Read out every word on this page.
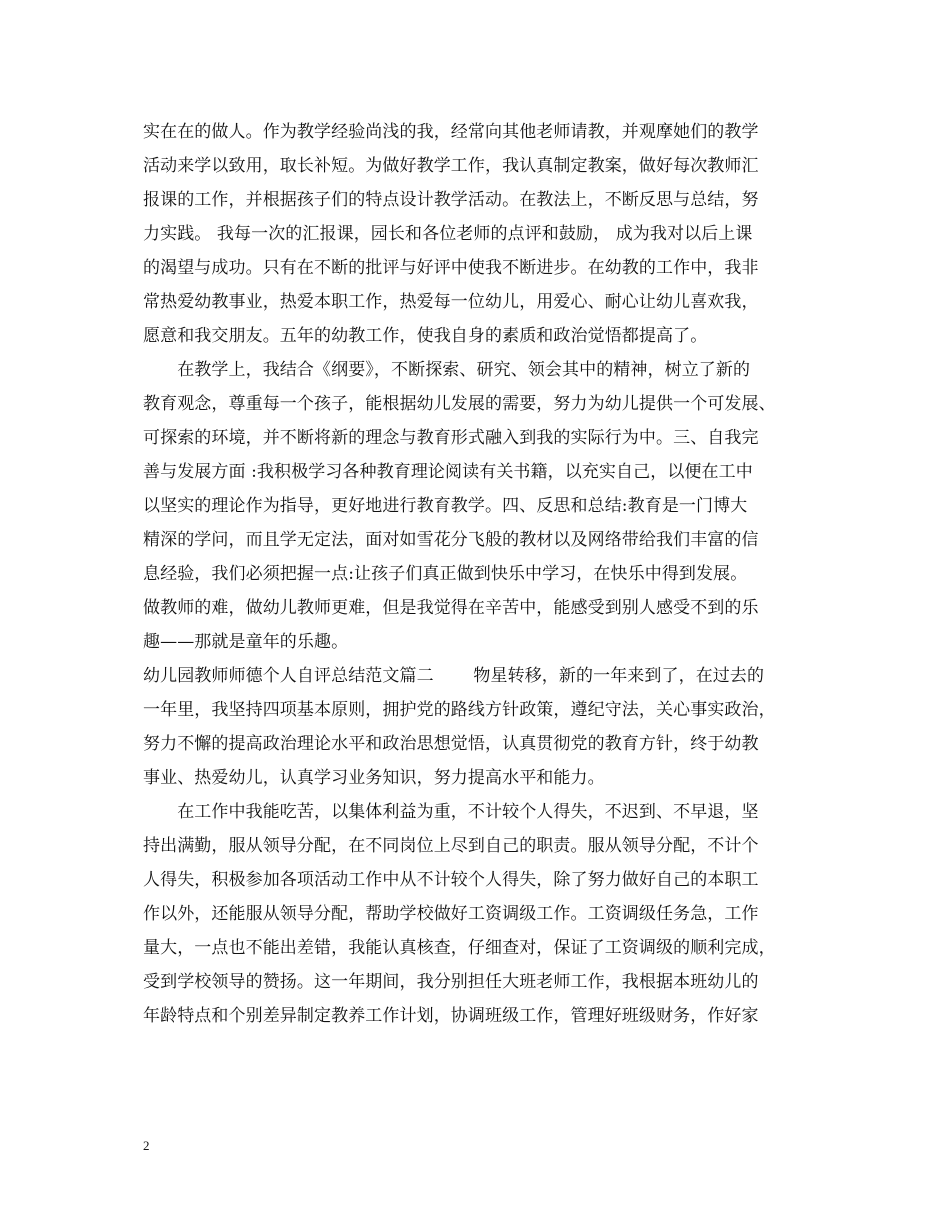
实在在的做人。作为教学经验尚浅的我，经常向其他老师请教，并观摩她们的教学
活动来学以致用，取长补短。为做好教学工作，我认真制定教案，做好每次教师汇
报课的工作，并根据孩子们的特点设计教学活动。在教法上，不断反思与总结，努
力实践。 我每一次的汇报课，园长和各位老师的点评和鼓励， 成为我对以后上课
的渴望与成功。只有在不断的批评与好评中使我不断进步。在幼教的工作中，我非
常热爱幼教事业，热爱本职工作，热爱每一位幼儿，用爱心、耐心让幼儿喜欢我，
愿意和我交朋友。五年的幼教工作，使我自身的素质和政治觉悟都提高了。
　　在教学上，我结合《纲要》，不断探索、研究、领会其中的精神，树立了新的
教育观念，尊重每一个孩子，能根据幼儿发展的需要，努力为幼儿提供一个可发展、
可探索的环境，并不断将新的理念与教育形式融入到我的实际行为中。三、自我完
善与发展方面 :我积极学习各种教育理论阅读有关书籍，以充实自己，以便在工中
以坚实的理论作为指导，更好地进行教育教学。四、反思和总结:教育是一门博大
精深的学问，而且学无定法，面对如雪花分飞般的教材以及网络带给我们丰富的信
息经验，我们必须把握一点:让孩子们真正做到快乐中学习，在快乐中得到发展。
做教师的难，做幼儿教师更难，但是我觉得在辛苦中，能感受到别人感受不到的乐
趣——那就是童年的乐趣。
幼儿园教师师德个人自评总结范文篇二　　 物星转移，新的一年来到了，在过去的
一年里，我坚持四项基本原则，拥护党的路线方针政策，遵纪守法，关心事实政治，
努力不懈的提高政治理论水平和政治思想觉悟，认真贯彻党的教育方针，终于幼教
事业、热爱幼儿，认真学习业务知识，努力提高水平和能力。
　　在工作中我能吃苦，以集体利益为重，不计较个人得失，不迟到、不早退，坚
持出满勤，服从领导分配，在不同岗位上尽到自己的职责。服从领导分配，不计个
人得失，积极参加各项活动工作中从不计较个人得失，除了努力做好自己的本职工
作以外，还能服从领导分配，帮助学校做好工资调级工作。工资调级任务急，工作
量大，一点也不能出差错，我能认真核查，仔细查对，保证了工资调级的顺利完成，
受到学校领导的赞扬。这一年期间，我分别担任大班老师工作，我根据本班幼儿的
年龄特点和个别差异制定教养工作计划，协调班级工作，管理好班级财务，作好家
2
